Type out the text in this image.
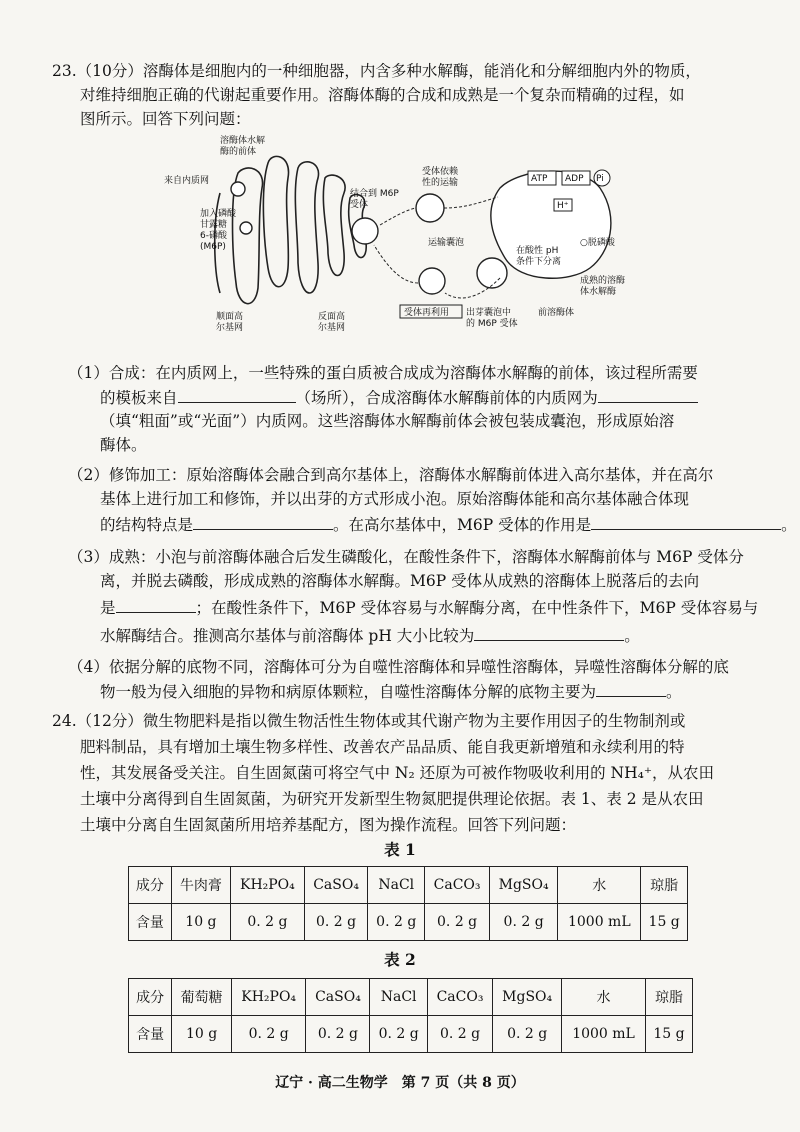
23.（10分）溶酶体是细胞内的一种细胞器，内含多种水解酶，能消化和分解细胞内外的物质，
对维持细胞正确的代谢起重要作用。溶酶体酶的合成和成熟是一个复杂而精确的过程，如
图所示。回答下列问题：
ATP ADP Pi
H⁺
溶酶体水解
酶的前体
来自内质网
加入磷酸
甘露糖
6-磷酸
(M6P)
顺面高
尔基网
反面高
尔基网
结合到 M6P
受体
受体依赖
性的运输
运输囊泡
受体再利用 出芽囊泡中
的 M6P 受体
前溶酶体
在酸性 pH
条件下分离
○脱磷酸
成熟的溶酶
体水解酶
（1）合成：在内质网上，一些特殊的蛋白质被合成成为溶酶体水解酶的前体，该过程所需要
的模板来自	（场所），合成溶酶体水解酶前体的内质网为
（填“粗面”或“光面”）内质网。这些溶酶体水解酶前体会被包装成囊泡，形成原始溶
酶体。
（2）修饰加工：原始溶酶体会融合到高尔基体上，溶酶体水解酶前体进入高尔基体，并在高尔
基体上进行加工和修饰，并以出芽的方式形成小泡。原始溶酶体能和高尔基体融合体现
的结构特点是	。在高尔基体中，M6P 受体的作用是	。
（3）成熟：小泡与前溶酶体融合后发生磷酸化，在酸性条件下，溶酶体水解酶前体与 M6P 受体分
离，并脱去磷酸，形成成熟的溶酶体水解酶。M6P 受体从成熟的溶酶体上脱落后的去向
是	；在酸性条件下，M6P 受体容易与水解酶分离，在中性条件下，M6P 受体容易与
水解酶结合。推测高尔基体与前溶酶体 pH 大小比较为	。
（4）依据分解的底物不同，溶酶体可分为自噬性溶酶体和异噬性溶酶体，异噬性溶酶体分解的底
物一般为侵入细胞的异物和病原体颗粒，自噬性溶酶体分解的底物主要为	。
24.（12分）微生物肥料是指以微生物活性生物体或其代谢产物为主要作用因子的生物制剂或
肥料制品，具有增加土壤生物多样性、改善农产品品质、能自我更新增殖和永续利用的特
性，其发展备受关注。自生固氮菌可将空气中 N₂ 还原为可被作物吸收利用的 NH₄⁺，从农田
土壤中分离得到自生固氮菌，为研究开发新型生物氮肥提供理论依据。表 1、表 2 是从农田
土壤中分离自生固氮菌所用培养基配方，图为操作流程。回答下列问题：
表 1
成分	牛肉膏	KH₂PO₄	CaSO₄	NaCl	CaCO₃	MgSO₄	水	琼脂
含量	10 g	0. 2 g	0. 2 g	0. 2 g	0. 2 g	0. 2 g	1000 mL	15 g
表 2
成分	葡萄糖	KH₂PO₄	CaSO₄	NaCl	CaCO₃	MgSO₄	水	琼脂
含量	10 g	0. 2 g	0. 2 g	0. 2 g	0. 2 g	0. 2 g	1000 mL	15 g
辽宁 · 高二生物学　第 7 页（共 8 页）
